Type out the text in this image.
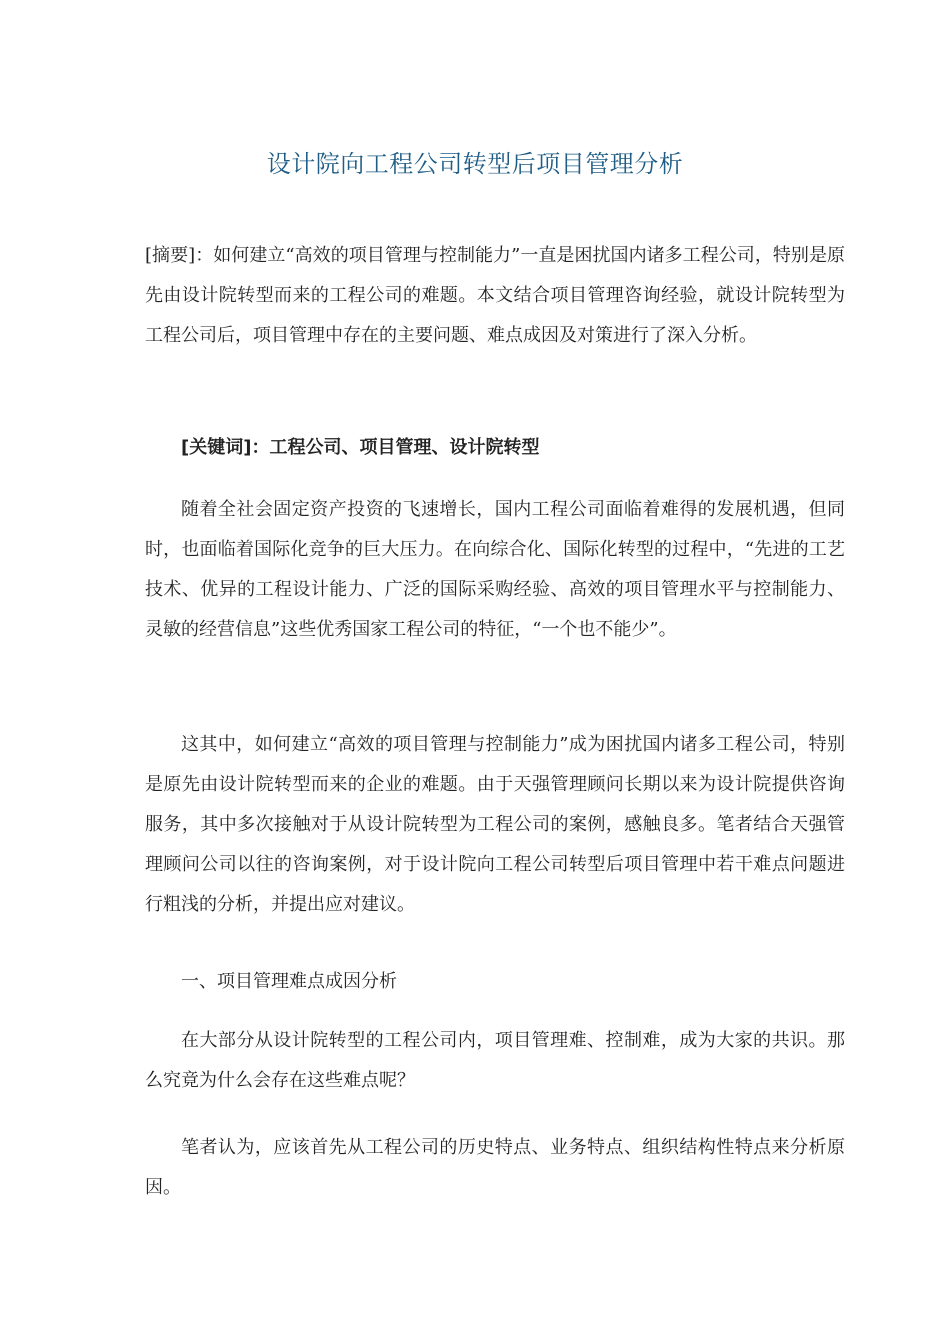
设计院向工程公司转型后项目管理分析

[摘要]：如何建立“高效的项目管理与控制能力”一直是困扰国内诸多工程公司，特别是原先由设计院转型而来的工程公司的难题。本文结合项目管理咨询经验，就设计院转型为工程公司后，项目管理中存在的主要问题、难点成因及对策进行了深入分析。

[关键词]：工程公司、项目管理、设计院转型

随着全社会固定资产投资的飞速增长，国内工程公司面临着难得的发展机遇，但同时，也面临着国际化竞争的巨大压力。在向综合化、国际化转型的过程中，“先进的工艺技术、优异的工程设计能力、广泛的国际采购经验、高效的项目管理水平与控制能力、灵敏的经营信息”这些优秀国家工程公司的特征，“一个也不能少”。

这其中，如何建立“高效的项目管理与控制能力”成为困扰国内诸多工程公司，特别是原先由设计院转型而来的企业的难题。由于天强管理顾问长期以来为设计院提供咨询服务，其中多次接触对于从设计院转型为工程公司的案例，感触良多。笔者结合天强管理顾问公司以往的咨询案例，对于设计院向工程公司转型后项目管理中若干难点问题进行粗浅的分析，并提出应对建议。

一、项目管理难点成因分析

在大部分从设计院转型的工程公司内，项目管理难、控制难，成为大家的共识。那么究竟为什么会存在这些难点呢？

笔者认为，应该首先从工程公司的历史特点、业务特点、组织结构性特点来分析原因。
